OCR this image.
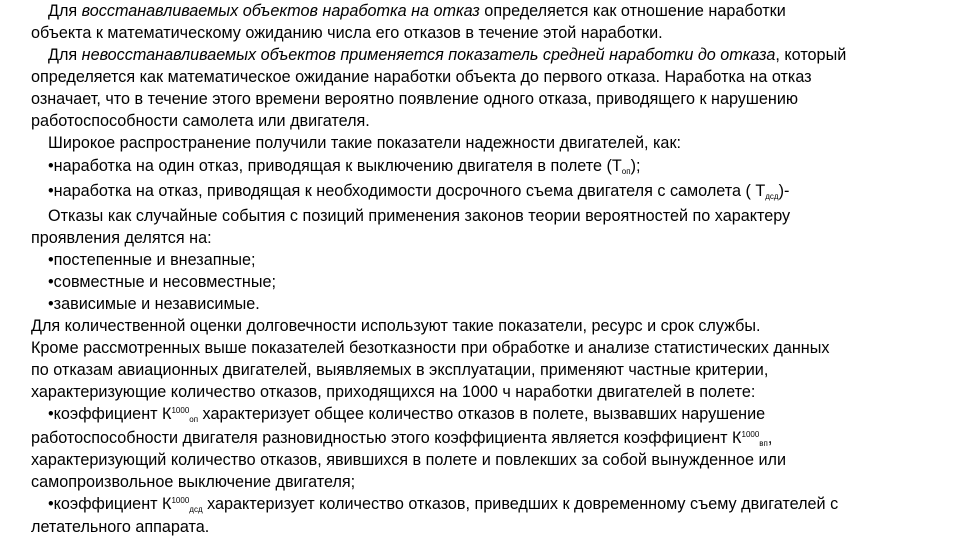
Для восстанавливаемых объектов наработка на отказ определяется как отношение наработки
объекта к математическому ожиданию числа его отказов в течение этой наработки.
Для невосстанавливаемых объектов применяется показатель средней наработки до отказа, который
определяется как математическое ожидание наработки объекта до первого отказа. Наработка на отказ
означает, что в течение этого времени вероятно появление одного отказа, приводящего к нарушению
работоспособности самолета или двигателя.
Широкое распространение получили такие показатели надежности двигателей, как:
•наработка на один отказ, приводящая к выключению двигателя в полете $(Т_{оп})$;
•наработка на отказ, приводящая к необходимости досрочного съема двигателя с самолета ( $Т_{дсд})-$
Отказы как случайные события с позиций применения законов теории вероятностей по характеру
проявления делятся на:
•постепенные и внезапные;
•совместные и несовместные;
•зависимые и независимые.
Для количественной оценки долговечности используют такие показатели, ресурс и срок службы.
Кроме рассмотренных выше показателей безотказности при обработке и анализе статистических данных
по отказам авиационных двигателей, выявляемых в эксплуатации, применяют частные критерии,
характеризующие количество отказов, приходящихся на 1000 ч наработки двигателей в полете:
•коэффициент $К^{1000}_{оп}$ характеризует общее количество отказов в полете, вызвавших нарушение
работоспособности двигателя разновидностью этого коэффициента является коэффициент $К^{1000}_{вп}$,
характеризующий количество отказов, явившихся в полете и повлекших за собой вынужденное или
самопроизвольное выключение двигателя;
•коэффициент $К^{1000}_{дсд}$ характеризует количество отказов, приведших к довременному съему двигателей с
летательного аппарата.
